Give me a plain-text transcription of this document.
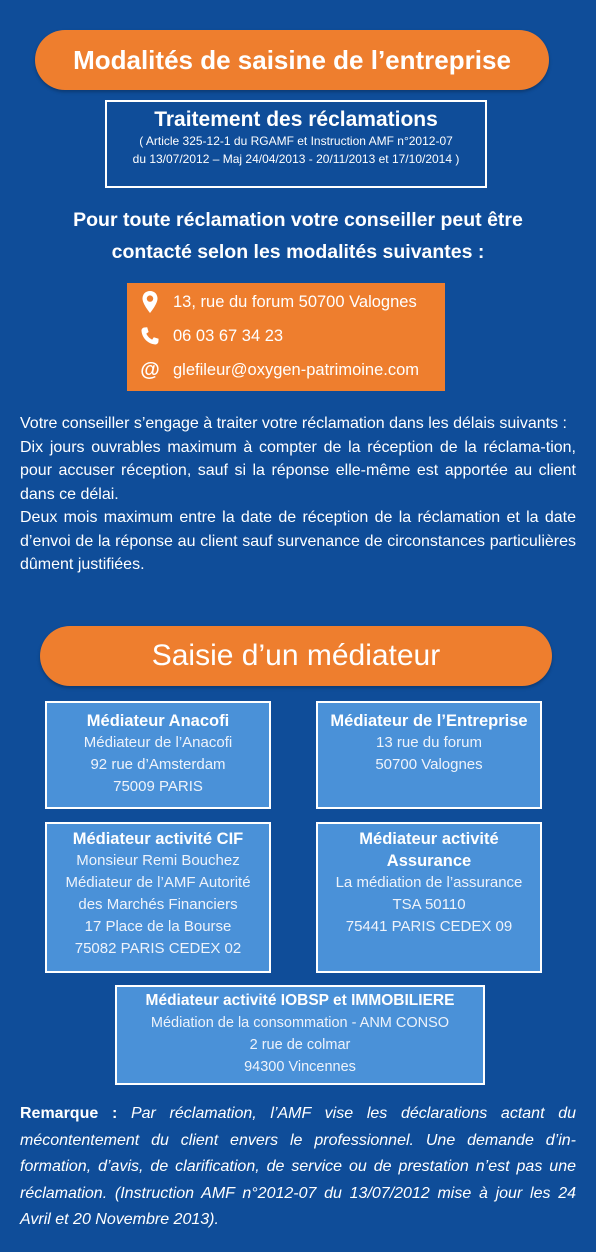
Modalités de saisine de l’entreprise
Traitement des réclamations
( Article 325-12-1 du RGAMF et Instruction AMF n°2012-07
du 13/07/2012 – Maj 24/04/2013 - 20/11/2013 et 17/10/2014 )
Pour toute réclamation votre conseiller peut être
contacté selon les modalités suivantes :
13, rue du forum 50700 Valognes
06 03 67 34 23
@ glefileur@oxygen-patrimoine.com

Votre conseiller s’engage à traiter votre réclamation dans les délais suivants :

Dix jours ouvrables maximum à compter de la réception de la réclama-tion, pour accuser réception, sauf si la réponse elle-même est apportée au client dans ce délai.

Deux mois maximum entre la date de réception de la réclamation et la date d’envoi de la réponse au client sauf survenance de circonstances particulières dûment justifiées.

Saisie d’un médiateur
Médiateur Anacofi
Médiateur de l’Anacofi
92 rue d’Amsterdam
75009 PARIS
Médiateur de l’Entreprise
13 rue du forum
50700 Valognes
Médiateur activité CIF
Monsieur Remi Bouchez
Médiateur de l’AMF Autorité
des Marchés Financiers
17 Place de la Bourse
75082 PARIS CEDEX 02
Médiateur activité
Assurance
La médiation de l’assurance
TSA 50110
75441 PARIS CEDEX 09
Médiateur activité IOBSP et IMMOBILIERE
Médiation de la consommation - ANM CONSO
2 rue de colmar
94300 Vincennes
Remarque : Par réclamation, l’AMF vise les déclarations actant du mécontentement du client envers le professionnel. Une demande d’in-formation, d’avis, de clarification, de service ou de prestation n’est pas une réclamation. (Instruction AMF n°2012-07 du 13/07/2012 mise à jour les 24 Avril et 20 Novembre 2013).
